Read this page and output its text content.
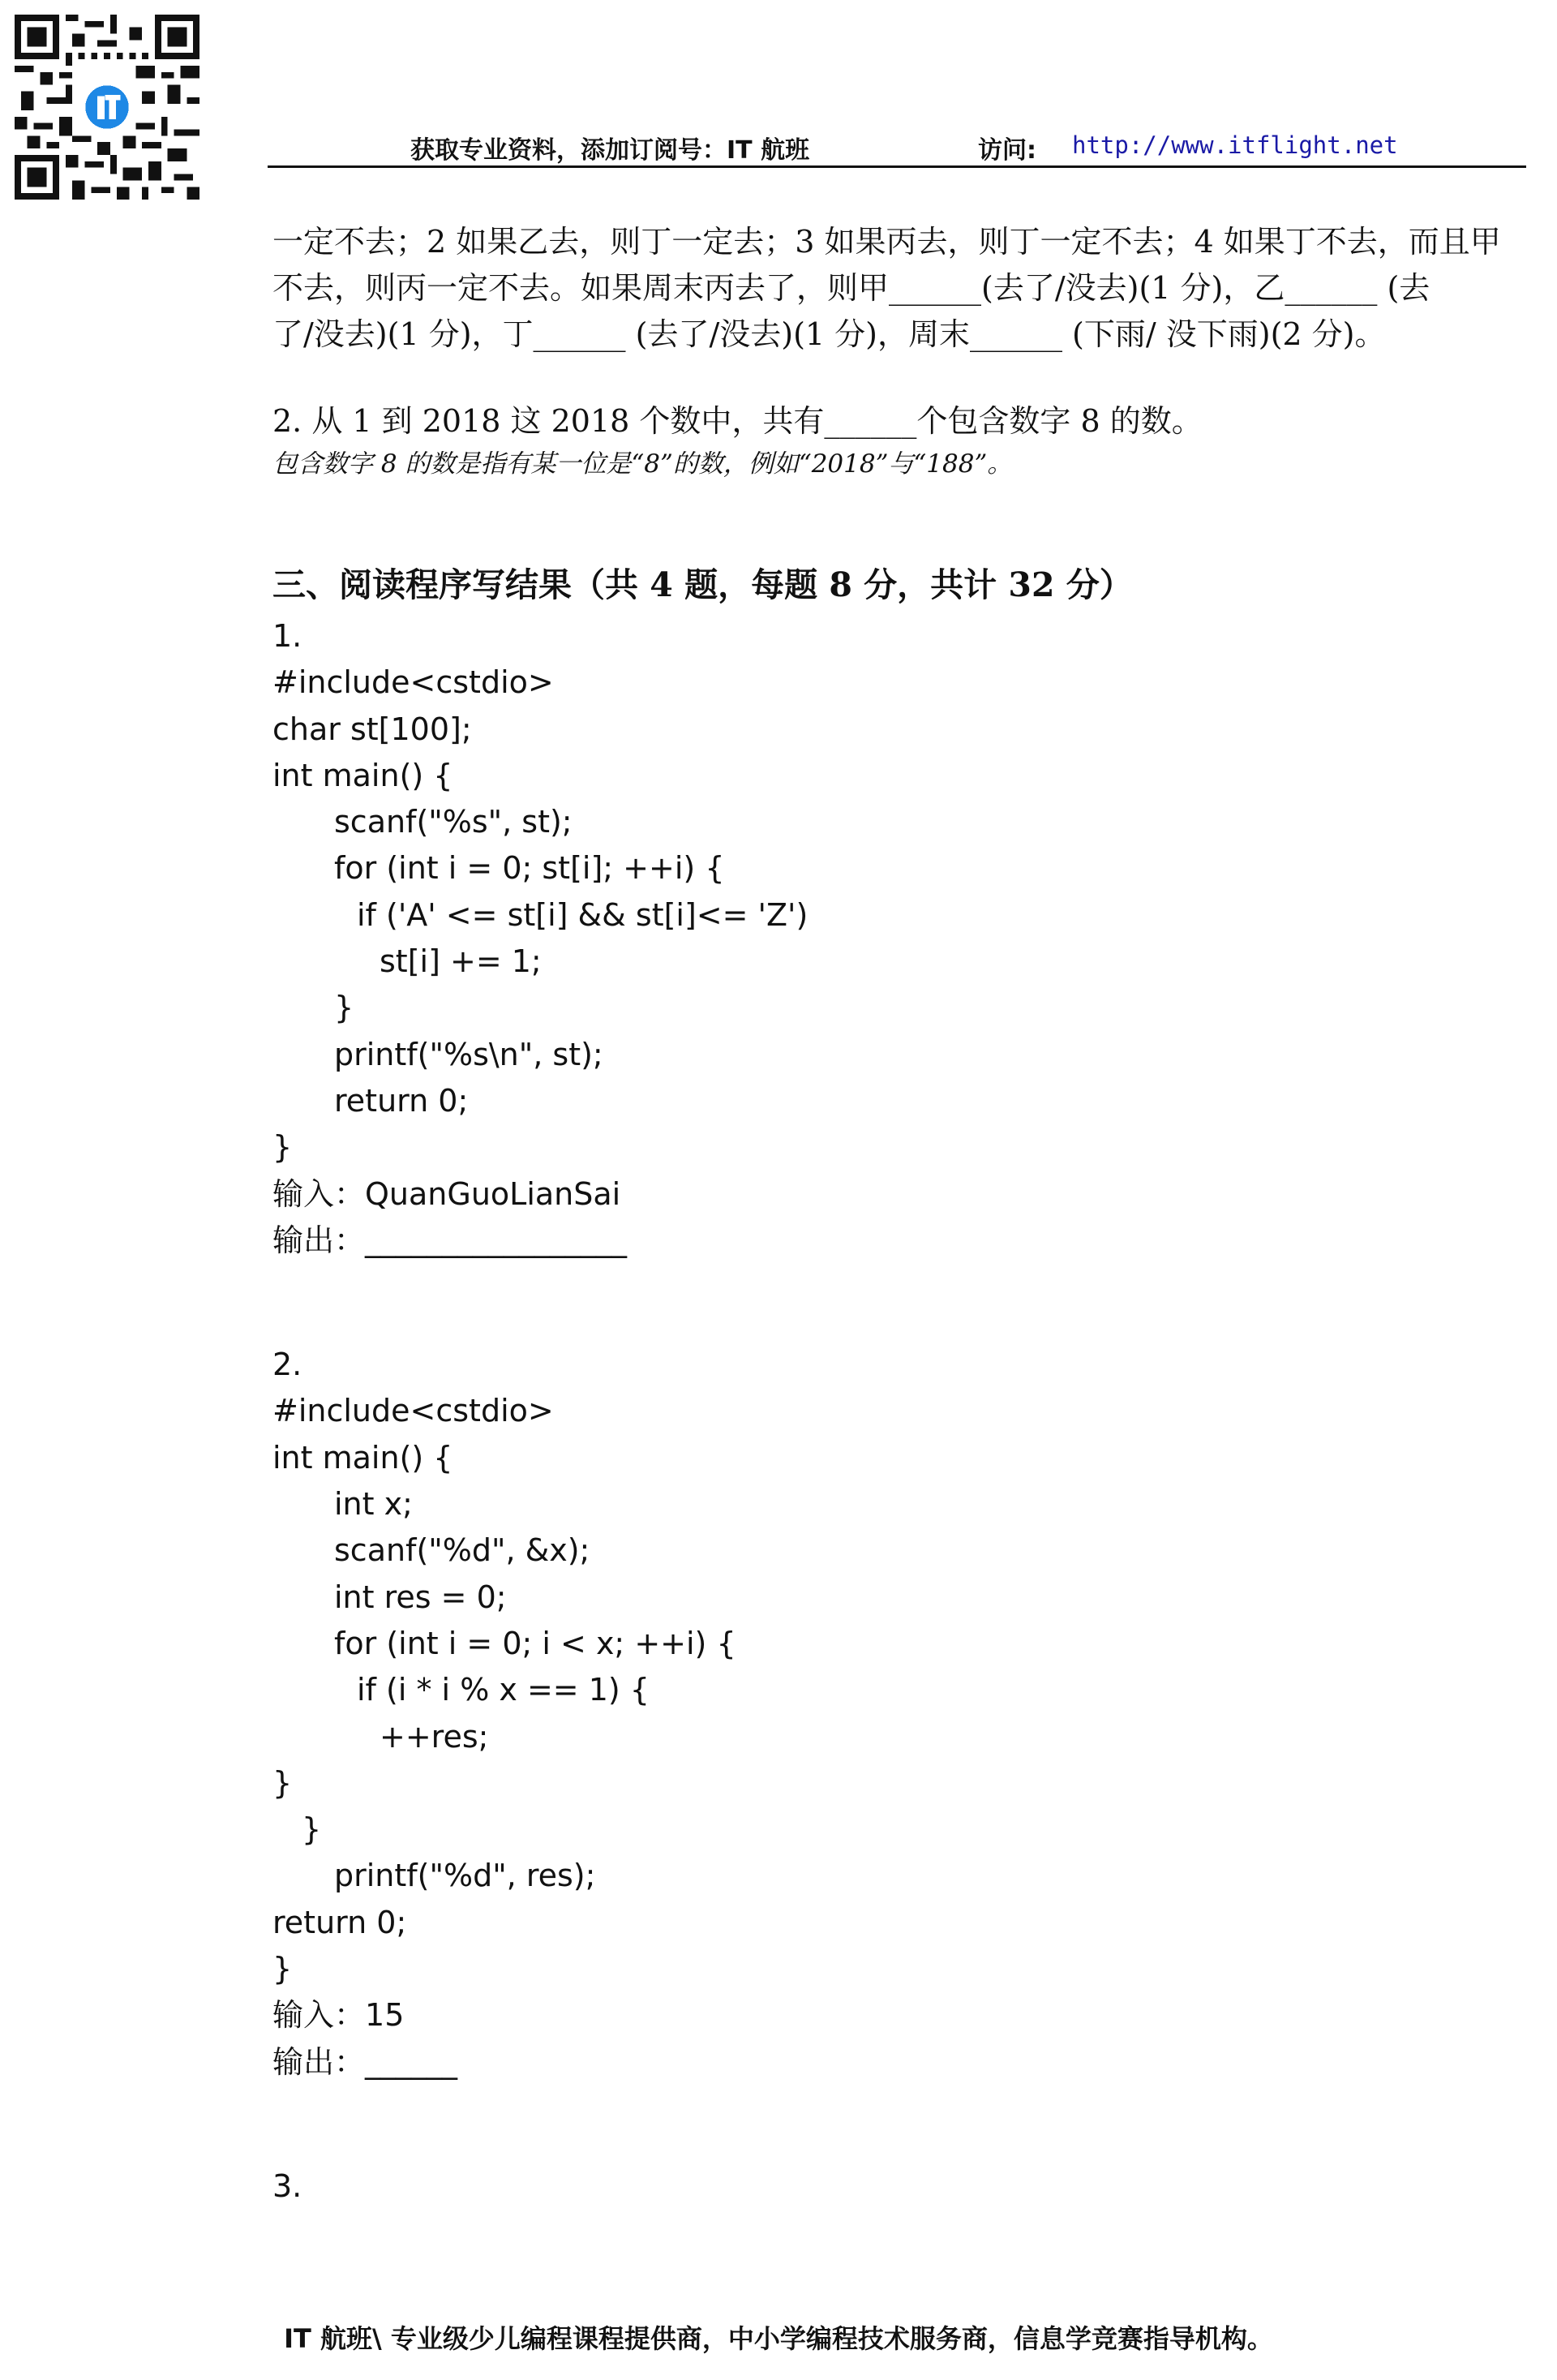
获取专业资料，添加订阅号：IT 航班	访问: http://www.itflight.net
一定不去；2 如果乙去，则丁一定去；3 如果丙去，则丁一定不去；4 如果丁不去，而且甲
不去，则丙一定不去。如果周末丙去了，则甲______(去了/没去)(1 分)，乙______ (去
了/没去)(1 分)，丁______ (去了/没去)(1 分)，周末______ (下雨/ 没下雨)(2 分)。
2. 从 1 到 2018 这 2018 个数中，共有______个包含数字 8 的数。
包含数字 8 的数是指有某一位是“8”的数，例如“2018”与“188”。
三、阅读程序写结果（共 4 题，每题 8 分，共计 32 分）
1.
#include<cstdio>
char st[100];
int main() {
scanf("%s", st);
for (int i = 0; st[i]; ++i) {
if ('A' <= st[i] && st[i]<= 'Z')
st[i] += 1;
}
printf("%s\n", st);
return 0;
}
输入：QuanGuoLianSai
输出：_________________
2.
#include<cstdio>
int main() {
int x;
scanf("%d", &x);
int res = 0;
for (int i = 0; i < x; ++i) {
if (i * i % x == 1) {
++res;
}
}
printf("%d", res);
return 0;
}
输入：15
输出：______
3.
IT 航班\ 专业级少儿编程课程提供商，中小学编程技术服务商，信息学竞赛指导机构。
